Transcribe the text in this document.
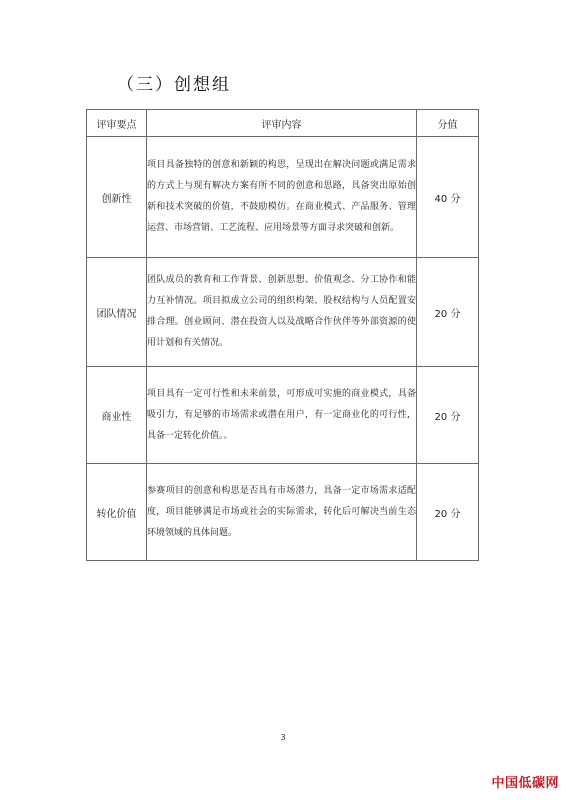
（三）创想组
评审要点	评审内容	分值
创新性	项目具备独特的创意和新颖的构思，呈现出在解决问题或满足需求的方式上与现有解决方案有所不同的创意和思路，具备突出原始创新和技术突破的价值，不鼓励模仿。在商业模式、产品服务、管理运营、市场营销、工艺流程、应用场景等方面寻求突破和创新。	40 分
团队情况	团队成员的教育和工作背景、创新思想、价值观念、分工协作和能力互补情况。项目拟成立公司的组织构架、股权结构与人员配置安排合理。创业顾问、潜在投资人以及战略合作伙伴等外部资源的使用计划和有关情况。	20 分
商业性	项目具有一定可行性和未来前景，可形成可实施的商业模式，具备吸引力，有足够的市场需求或潜在用户，有一定商业化的可行性，具备一定转化价值。。	20 分
转化价值	参赛项目的创意和构思是否具有市场潜力，具备一定市场需求适配度，项目能够满足市场或社会的实际需求，转化后可解决当前生态环境领域的具体问题。	20 分
3
中国低碳网
